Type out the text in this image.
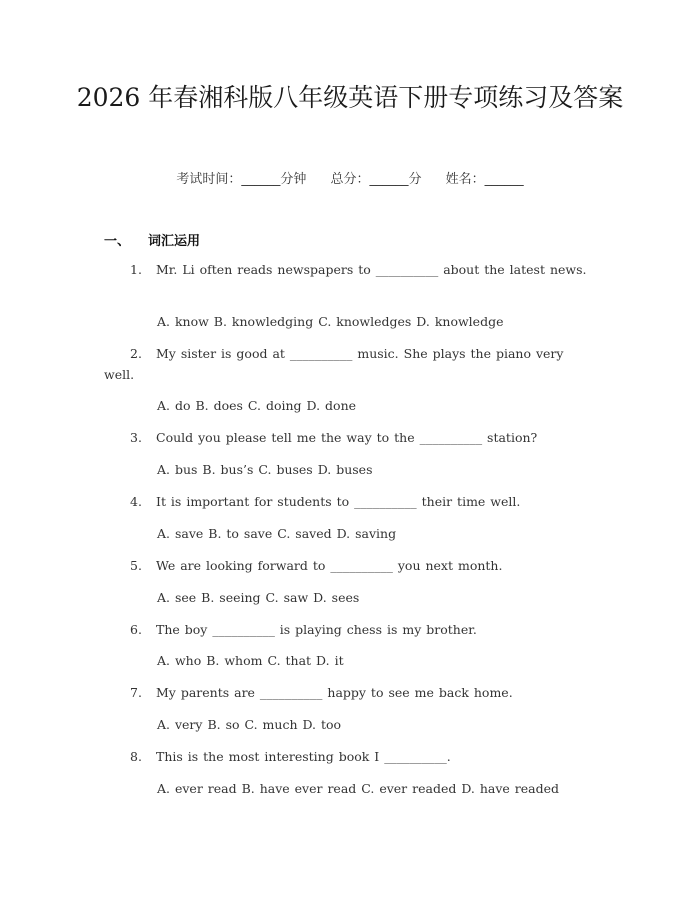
2026 年春湘科版八年级英语下册专项练习及答案
考试时间：______分钟 总分：______分 姓名：______
一、 词汇运用
1. Mr. Li often reads newspapers to __________ about the latest news.
A. know B. knowledging C. knowledges D. knowledge
2. My sister is good at __________ music. She plays the piano very well.
A. do B. does C. doing D. done
3. Could you please tell me the way to the __________ station?
A. bus B. bus’s C. buses D. buses
4. It is important for students to __________ their time well.
A. save B. to save C. saved D. saving
5. We are looking forward to __________ you next month.
A. see B. seeing C. saw D. sees
6. The boy __________ is playing chess is my brother.
A. who B. whom C. that D. it
7. My parents are __________ happy to see me back home.
A. very B. so C. much D. too
8. This is the most interesting book I __________.
A. ever read B. have ever read C. ever readed D. have readed
